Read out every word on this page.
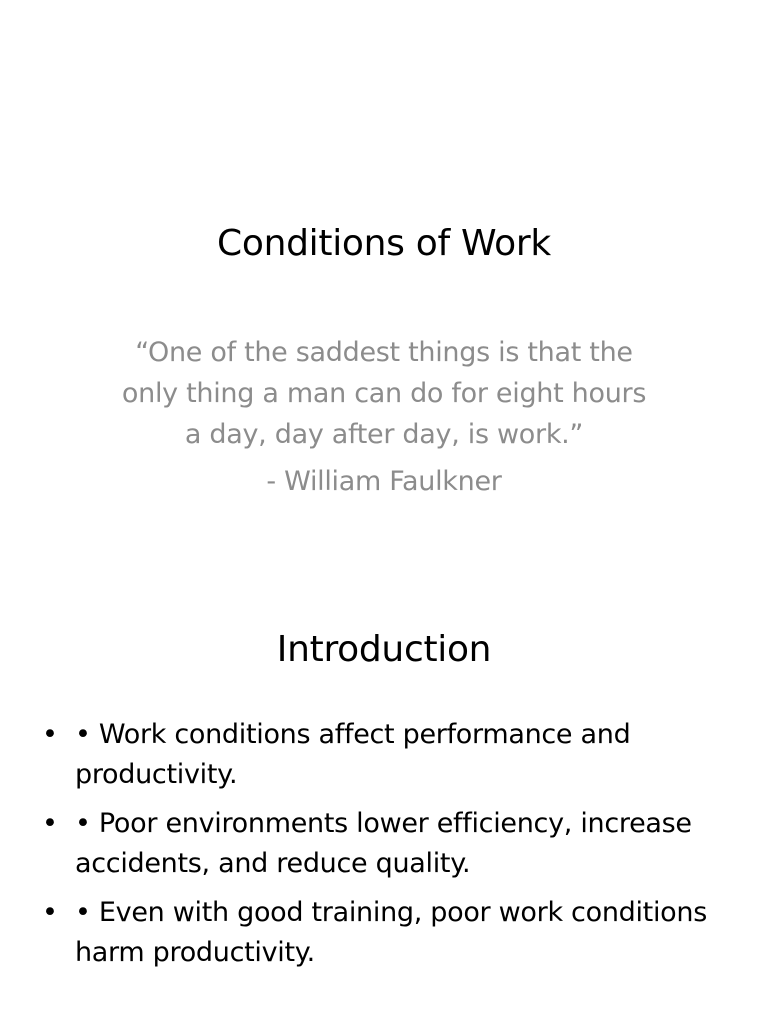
Conditions of Work

“One of the saddest things is that the only thing a man can do for eight hours a day, day after day, is work.”

- William Faulkner

Introduction
• • Work conditions affect performance and productivity.
• • Poor environments lower efficiency, increase accidents, and reduce quality.
• • Even with good training, poor work conditions harm productivity.
